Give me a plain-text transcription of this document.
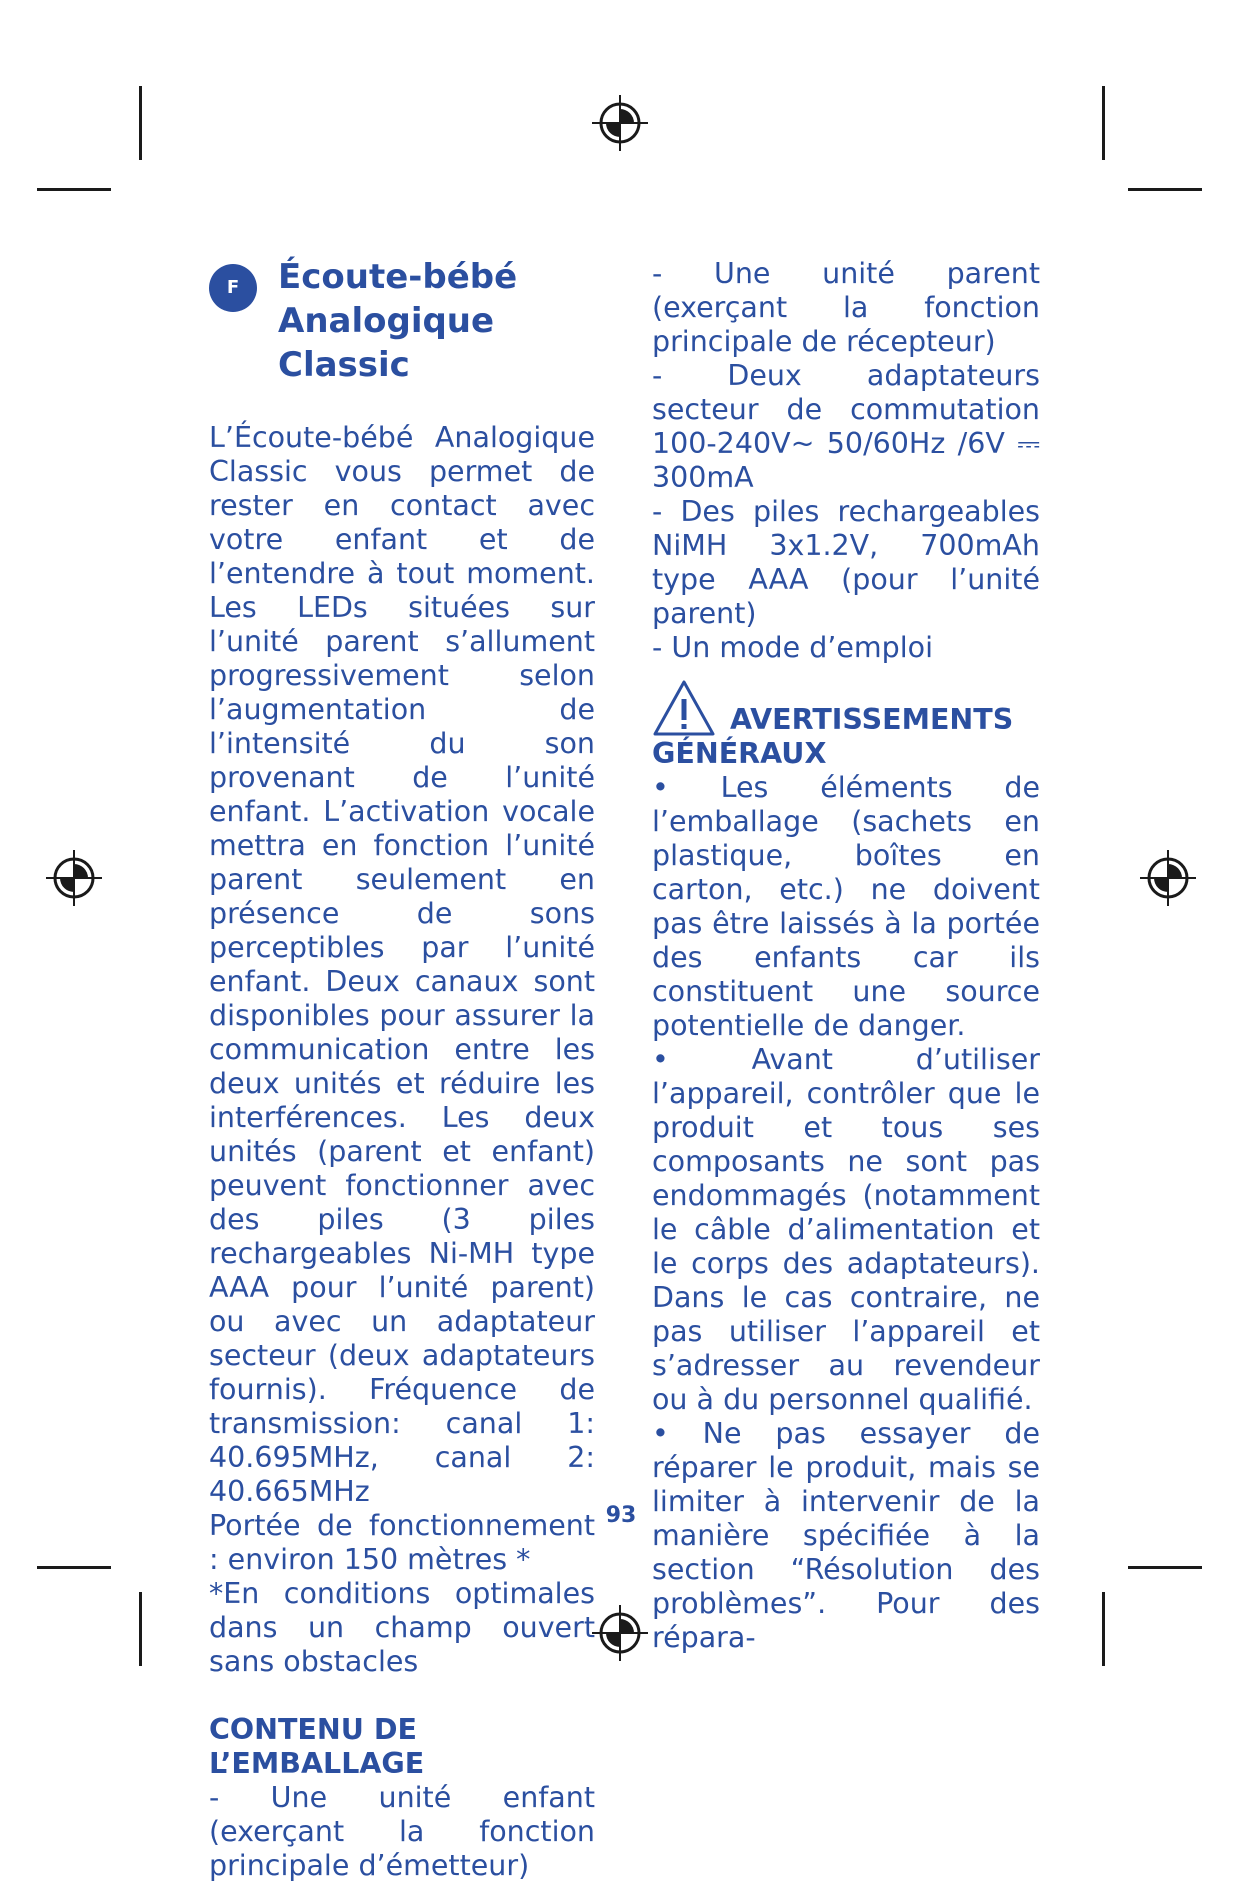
F	Écoute-bébé Analogique Classic

L’Écoute-bébé Analogique Classic vous permet de rester en contact avec votre enfant et de l’entendre à tout moment. Les LEDs situées sur l’unité parent s’allument progressivement selon l’augmentation de l’intensité du son provenant de l’unité enfant. L’activation vocale mettra en fonction l’unité parent seulement en présence de sons perceptibles par l’unité enfant. Deux canaux sont disponibles pour assurer la communication entre les deux unités et réduire les interférences. Les deux unités (parent et enfant) peuvent fonctionner avec des piles (3 piles rechargeables Ni-MH type AAA pour l’unité parent) ou avec un adaptateur secteur (deux adaptateurs fournis). Fréquence de transmission: canal 1: 40.695MHz, canal 2: 40.665MHz

Portée de fonctionnement : environ 150 mètres *

*En conditions optimales dans un champ ouvert sans obstacles

CONTENU DE L’EMBALLAGE

- Une unité enfant (exerçant la fonction principale d’émetteur)

- Une unité parent (exerçant la fonction principale de récepteur)

- Deux adaptateurs secteur de commutation 100-240V~ 50/60Hz /6V ⎓ 300mA

- Des piles rechargeables NiMH 3x1.2V, 700mAh type AAA (pour l’unité parent)

- Un mode d’emploi

AVERTISSEMENTS

GÉNÉRAUX

• Les éléments de l’emballage (sachets en plastique, boîtes en carton, etc.) ne doivent pas être laissés à la portée des enfants car ils constituent une source potentielle de danger.

• Avant d’utiliser l’appareil, contrôler que le produit et tous ses composants ne sont pas endommagés (notamment le câble d’alimentation et le corps des adaptateurs). Dans le cas contraire, ne pas utiliser l’appareil et s’adresser au revendeur ou à du personnel qualifié.

• Ne pas essayer de réparer le produit, mais se limiter à intervenir de la manière spécifiée à la section “Résolution des problèmes”. Pour des répara-

93
